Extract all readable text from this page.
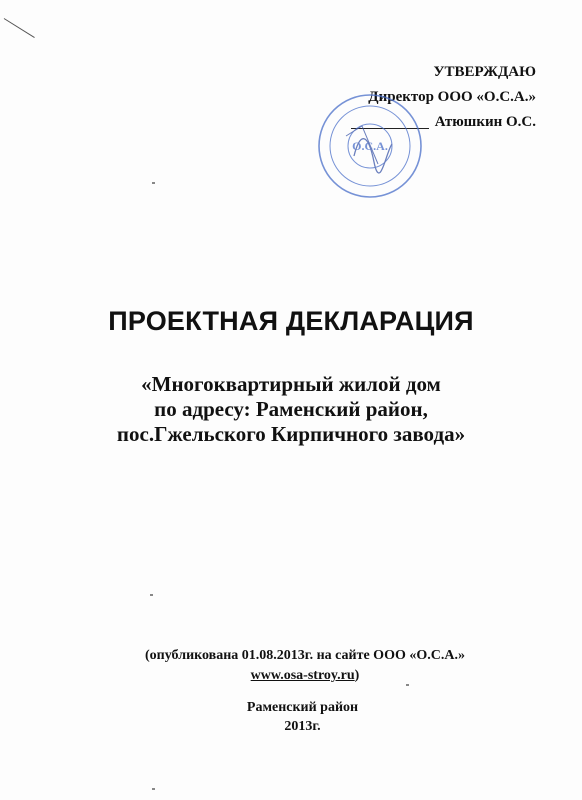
УТВЕРЖДАЮ
Директор ООО «О.С.А.»
Атюшкин О.С.
О.С.А.
ПРОЕКТНАЯ ДЕКЛАРАЦИЯ
«Многоквартирный жилой дом
по адресу: Раменский район,
пос.Гжельского Кирпичного завода»
(опубликована 01.08.2013г. на сайте ООО «О.С.А.»
www.osa-stroy.ru)
Раменский район
2013г.
